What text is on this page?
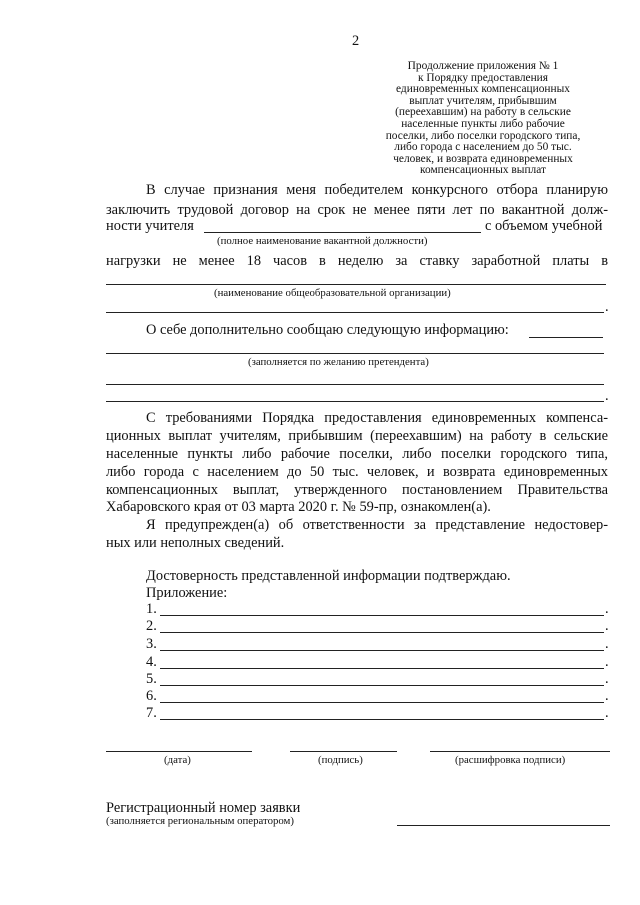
2
Продолжение приложения № 1
к Порядку предоставления
единовременных компенсационных
выплат учителям, прибывшим
(переехавшим) на работу в сельские
населенные пункты либо рабочие
поселки, либо поселки городского типа,
либо города с населением до 50 тыс.
человек, и возврата единовременных
компенсационных выплат
В случае признания меня победителем конкурсного отбора планирую
заключить трудовой договор на срок не менее пяти лет по вакантной долж-
ности учителя	с объемом учебной
(полное наименование вакантной должности)
нагрузки не менее 18 часов в неделю за ставку заработной платы в
(наименование общеобразовательной организации)
.
О себе дополнительно сообщаю следующую информацию:
(заполняется по желанию претендента)
.
С требованиями Порядка предоставления единовременных компенса-
ционных выплат учителям, прибывшим (переехавшим) на работу в сельские
населенные пункты либо рабочие поселки, либо поселки городского типа,
либо города с населением до 50 тыс. человек, и возврата единовременных
компенсационных выплат, утвержденного постановлением Правительства
Хабаровского края от 03 марта 2020 г. № 59-пр, ознакомлен(а).
Я предупрежден(а) об ответственности за представление недостовер-
ных или неполных сведений.
Достоверность представленной информации подтверждаю.
Приложение:
1.	.
2.	.
3.	.
4.	.
5.	.
6.	.
7.	.
(дата)	(подпись)	(расшифровка подписи)
Регистрационный номер заявки
(заполняется региональным оператором)
